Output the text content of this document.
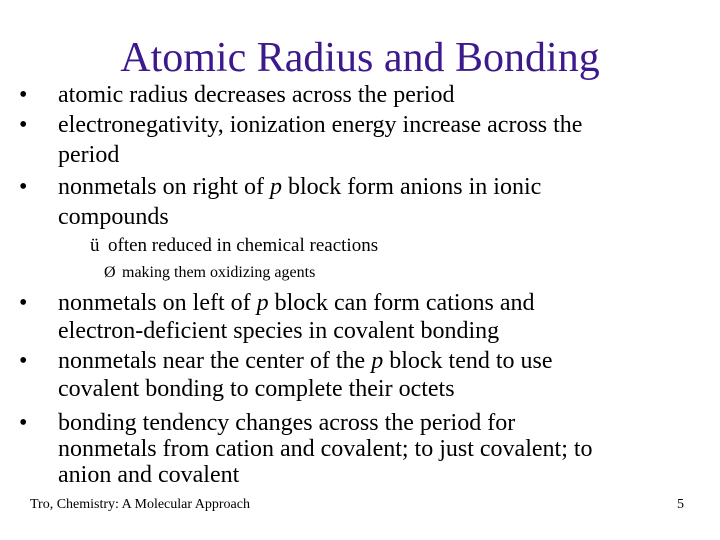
Atomic Radius and Bonding
• atomic radius decreases across the period
• electronegativity, ionization energy increase across the
period
• nonmetals on right of p block form anions in ionic
compounds
ü often reduced in chemical reactions
Ø making them oxidizing agents
• nonmetals on left of p block can form cations and
electron-deficient species in covalent bonding
• nonmetals near the center of the p block tend to use
covalent bonding to complete their octets
• bonding tendency changes across the period for
nonmetals from cation and covalent; to just covalent; to
anion and covalent
Tro, Chemistry: A Molecular Approach	5
